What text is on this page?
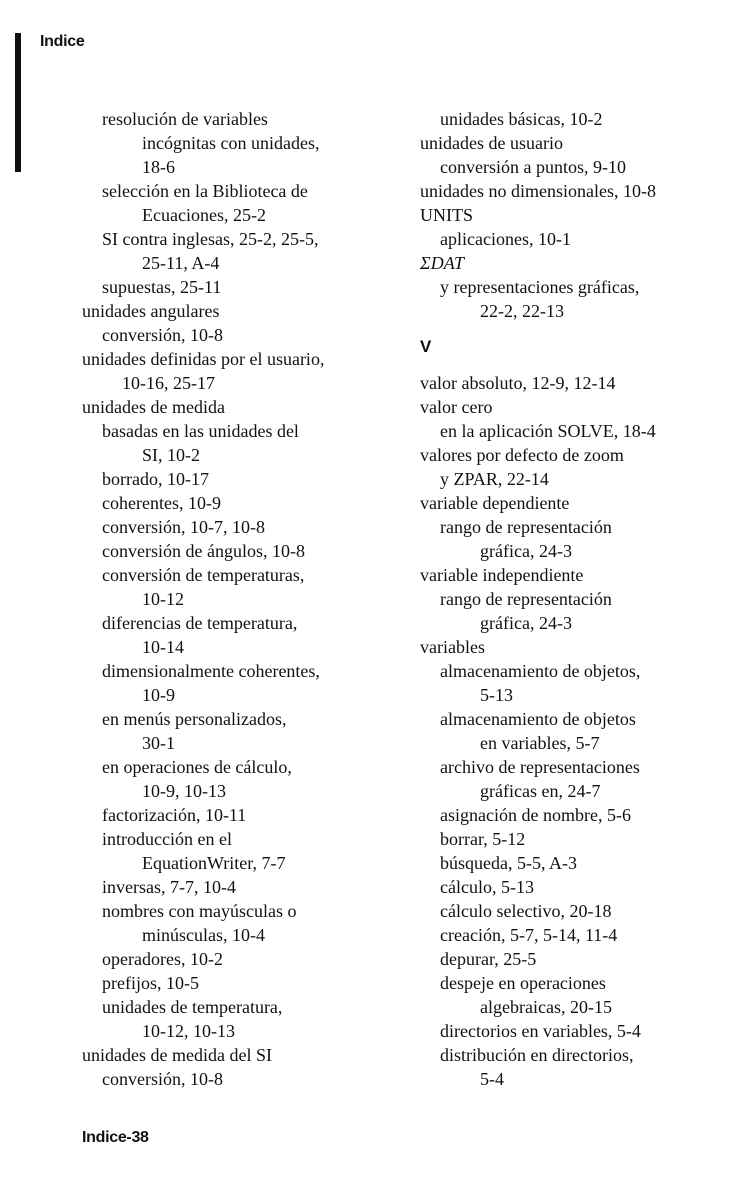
Indice
resolución de variables
incógnitas con unidades,
18-6
selección en la Biblioteca de
Ecuaciones, 25-2
SI contra inglesas, 25-2, 25-5,
25-11, A-4
supuestas, 25-11
unidades angulares
conversión, 10-8
unidades definidas por el usuario,
10-16, 25-17
unidades de medida
basadas en las unidades del
SI, 10-2
borrado, 10-17
coherentes, 10-9
conversión, 10-7, 10-8
conversión de ángulos, 10-8
conversión de temperaturas,
10-12
diferencias de temperatura,
10-14
dimensionalmente coherentes,
10-9
en menús personalizados,
30-1
en operaciones de cálculo,
10-9, 10-13
factorización, 10-11
introducción en el
EquationWriter, 7-7
inversas, 7-7, 10-4
nombres con mayúsculas o
minúsculas, 10-4
operadores, 10-2
prefijos, 10-5
unidades de temperatura,
10-12, 10-13
unidades de medida del SI
conversión, 10-8
unidades básicas, 10-2
unidades de usuario
conversión a puntos, 9-10
unidades no dimensionales, 10-8
UNITS
aplicaciones, 10-1
ΣDAT
y representaciones gráficas,
22-2, 22-13
V
valor absoluto, 12-9, 12-14
valor cero
en la aplicación SOLVE, 18-4
valores por defecto de zoom
y ZPAR, 22-14
variable dependiente
rango de representación
gráfica, 24-3
variable independiente
rango de representación
gráfica, 24-3
variables
almacenamiento de objetos,
5-13
almacenamiento de objetos
en variables, 5-7
archivo de representaciones
gráficas en, 24-7
asignación de nombre, 5-6
borrar, 5-12
búsqueda, 5-5, A-3
cálculo, 5-13
cálculo selectivo, 20-18
creación, 5-7, 5-14, 11-4
depurar, 25-5
despeje en operaciones
algebraicas, 20-15
directorios en variables, 5-4
distribución en directorios,
5-4
Indice-38
